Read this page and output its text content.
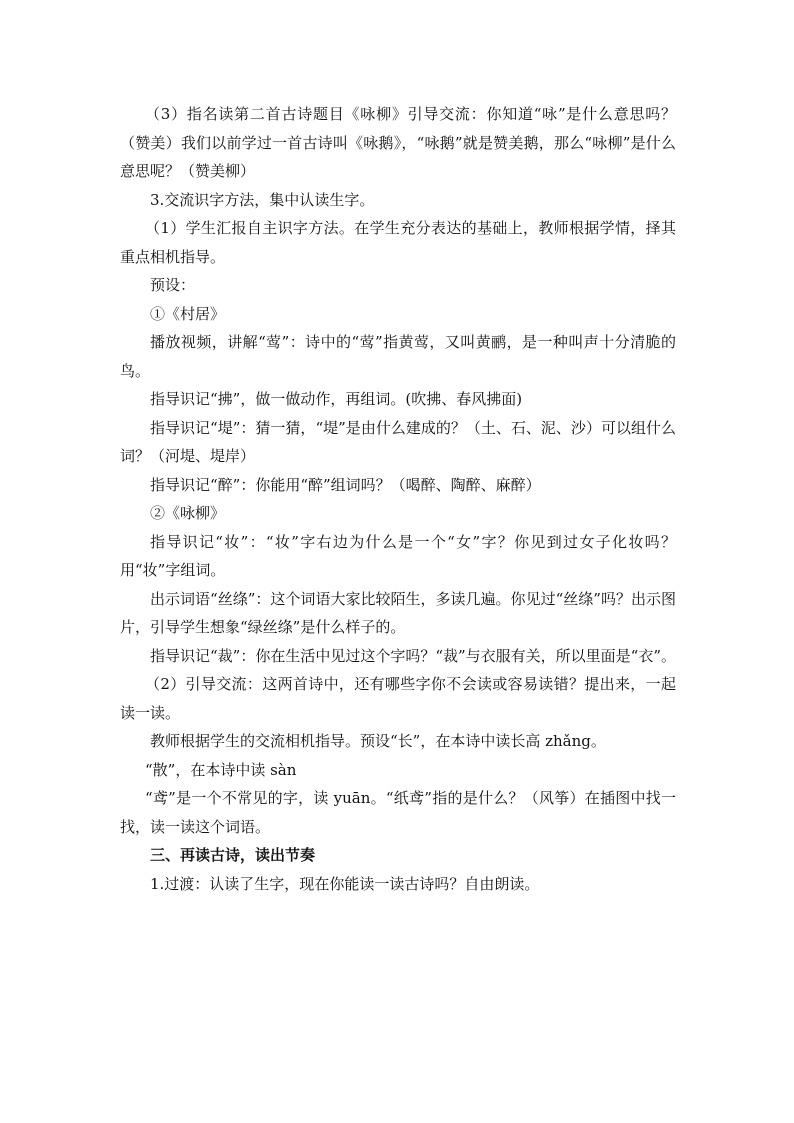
（3）指名读第二首古诗题目《咏柳》引导交流：你知道“咏”是什么意思吗？（赞美）我们以前学过一首古诗叫《咏鹅》，“咏鹅”就是赞美鹅，那么“咏柳”是什么意思呢？（赞美柳）

3.交流识字方法，集中认读生字。

（1）学生汇报自主识字方法。在学生充分表达的基础上，教师根据学情，择其重点相机指导。

预设：

①《村居》

播放视频，讲解“莺”：诗中的“莺”指黄莺，又叫黄鹂，是一种叫声十分清脆的鸟。

指导识记“拂”，做一做动作，再组词。(吹拂、春风拂面)

指导识记“堤”：猜一猜，“堤”是由什么建成的？（土、石、泥、沙）可以组什么词？（河堤、堤岸）

指导识记“醉”：你能用“醉”组词吗？（喝醉、陶醉、麻醉）

②《咏柳》

指导识记“妆”：“妆”字右边为什么是一个“女”字？你见到过女子化妆吗？用“妆”字组词。

出示词语“丝绦”：这个词语大家比较陌生，多读几遍。你见过“丝绦”吗？出示图片，引导学生想象“绿丝绦”是什么样子的。

指导识记“裁”：你在生活中见过这个字吗？“裁”与衣服有关，所以里面是“衣”。

（2）引导交流：这两首诗中，还有哪些字你不会读或容易读错？提出来，一起读一读。

教师根据学生的交流相机指导。预设“长”，在本诗中读长高 zhǎng。

“散”，在本诗中读 sàn

“鸢”是一个不常见的字，读 yuān。“纸鸢”指的是什么？（风筝）在插图中找一找，读一读这个词语。

三、再读古诗，读出节奏

1.过渡：认读了生字，现在你能读一读古诗吗？自由朗读。
